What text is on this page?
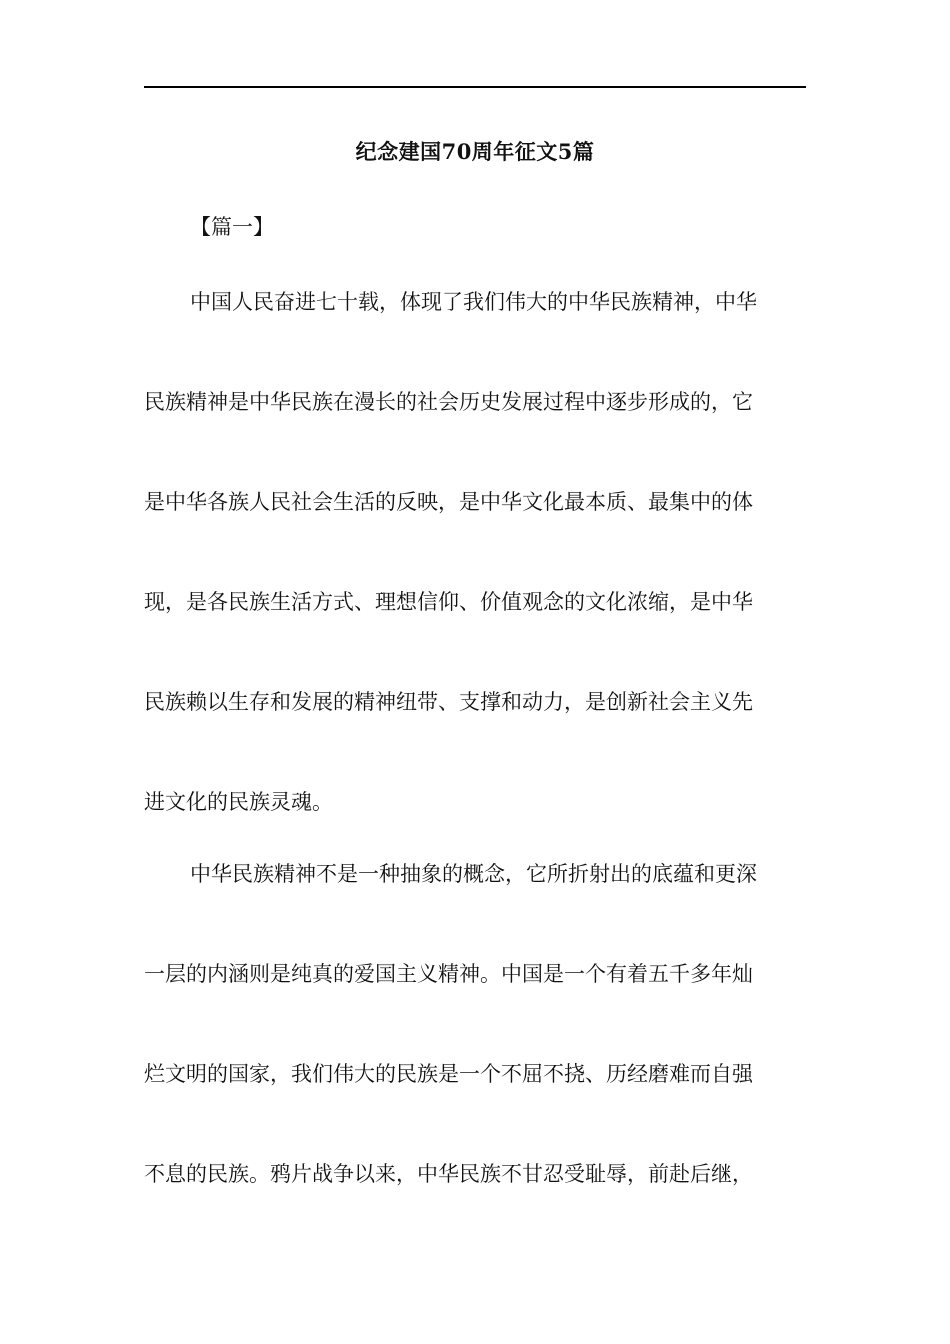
纪念建国70周年征文5篇
【篇一】
中国人民奋进七十载，体现了我们伟大的中华民族精神，中华
民族精神是中华民族在漫长的社会历史发展过程中逐步形成的，它
是中华各族人民社会生活的反映，是中华文化最本质、最集中的体
现，是各民族生活方式、理想信仰、价值观念的文化浓缩，是中华
民族赖以生存和发展的精神纽带、支撑和动力，是创新社会主义先
进文化的民族灵魂。
中华民族精神不是一种抽象的概念，它所折射出的底蕴和更深
一层的内涵则是纯真的爱国主义精神。中国是一个有着五千多年灿
烂文明的国家，我们伟大的民族是一个不屈不挠、历经磨难而自强
不息的民族。鸦片战争以来，中华民族不甘忍受耻辱，前赴后继，
